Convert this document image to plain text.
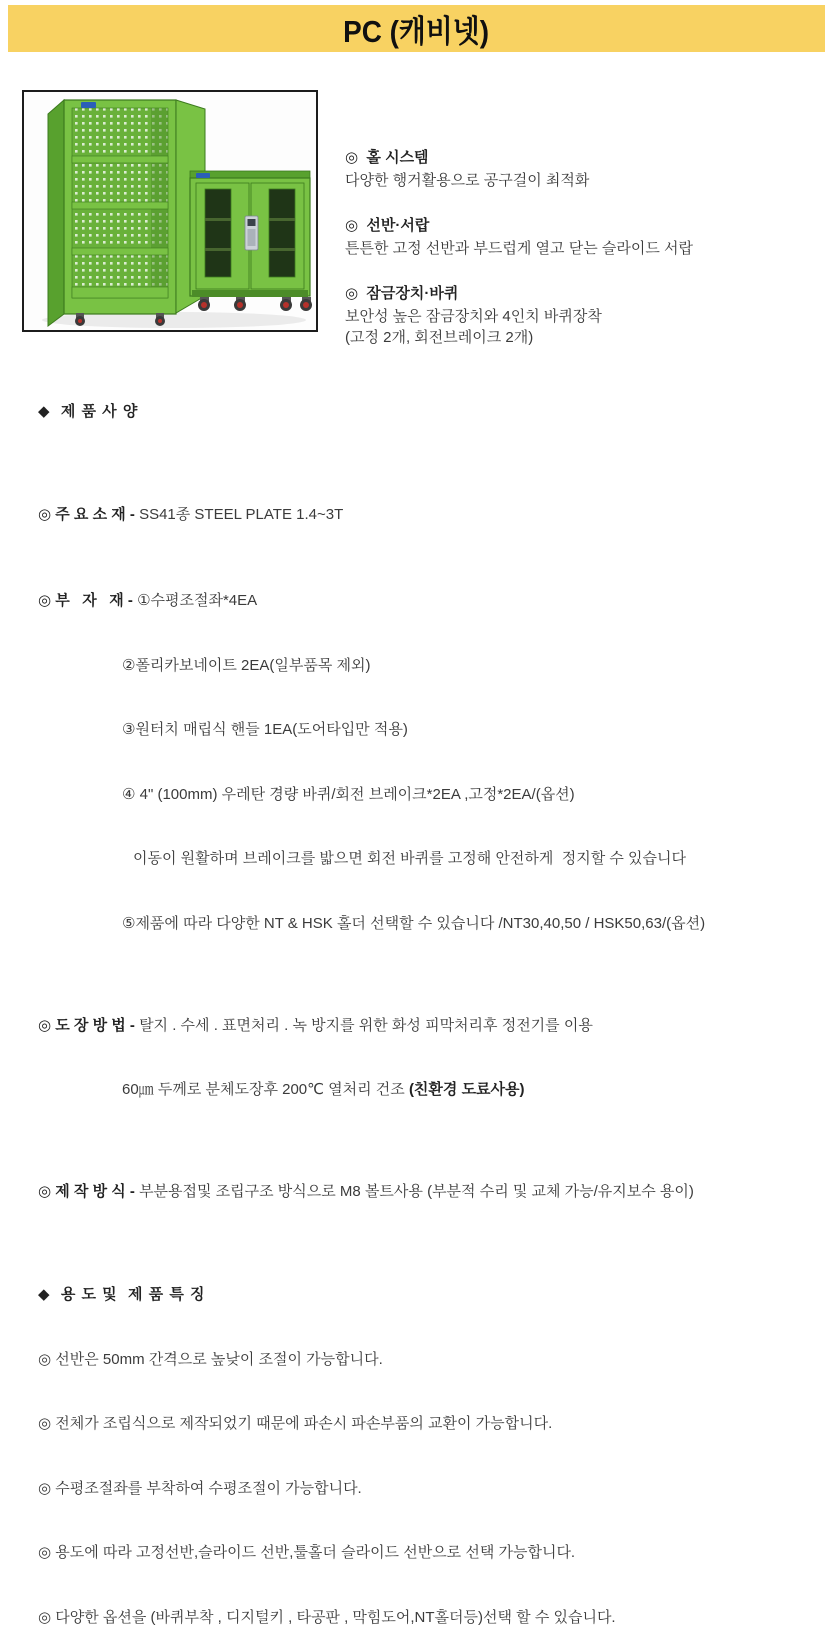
PC (캐비넷)
◎  홀 시스템
다양한 행거활용으로 공구걸이 최적화
◎  선반·서랍
튼튼한 고정 선반과 부드럽게 열고 닫는 슬라이드 서랍
◎  잠금장치·바퀴
보안성 높은 잠금장치와 4인치 바퀴장착
(고정 2개, 회전브레이크 2개)

◆  제 품 사 양

◎ 주 요 소 재 - SS41종 STEEL PLATE 1.4~3T

◎ 부   자   재 - ①수평조절좌*4EA

②폴리카보네이트 2EA(일부품목 제외)

③원터치 매립식 핸들 1EA(도어타입만 적용)

④ 4" (100mm) 우레탄 경량 바퀴/회전 브레이크*2EA ,고정*2EA/(옵션)

이동이 원활하며 브레이크를 밟으면 회전 바퀴를 고정해 안전하게  정지할 수 있습니다

⑤제품에 따라 다양한 NT & HSK 홀더 선택할 수 있습니다 /NT30,40,50 / HSK50,63/(옵션)

◎ 도 장 방 법 - 탈지 . 수세 . 표면처리 . 녹 방지를 위한 화성 피막처리후 정전기를 이용

60㎛ 두께로 분체도장후 200℃ 열처리 건조 (친환경 도료사용)

◎ 제 작 방 식 - 부분용접및 조립구조 방식으로 M8 볼트사용 (부분적 수리 및 교체 가능/유지보수 용이)

◆  용 도 및  제 품 특 징

◎ 선반은 50mm 간격으로 높낮이 조절이 가능합니다.

◎ 전체가 조립식으로 제작되었기 때문에 파손시 파손부품의 교환이 가능합니다.

◎ 수평조절좌를 부착하여 수평조절이 가능합니다.

◎ 용도에 따라 고정선반,슬라이드 선반,툴홀더 슬라이드 선반으로 선택 가능합니다.

◎ 다양한 옵션을 (바퀴부착 , 디지털키 , 타공판 , 막힘도어,NT홀더등)선택 할 수 있습니다.
